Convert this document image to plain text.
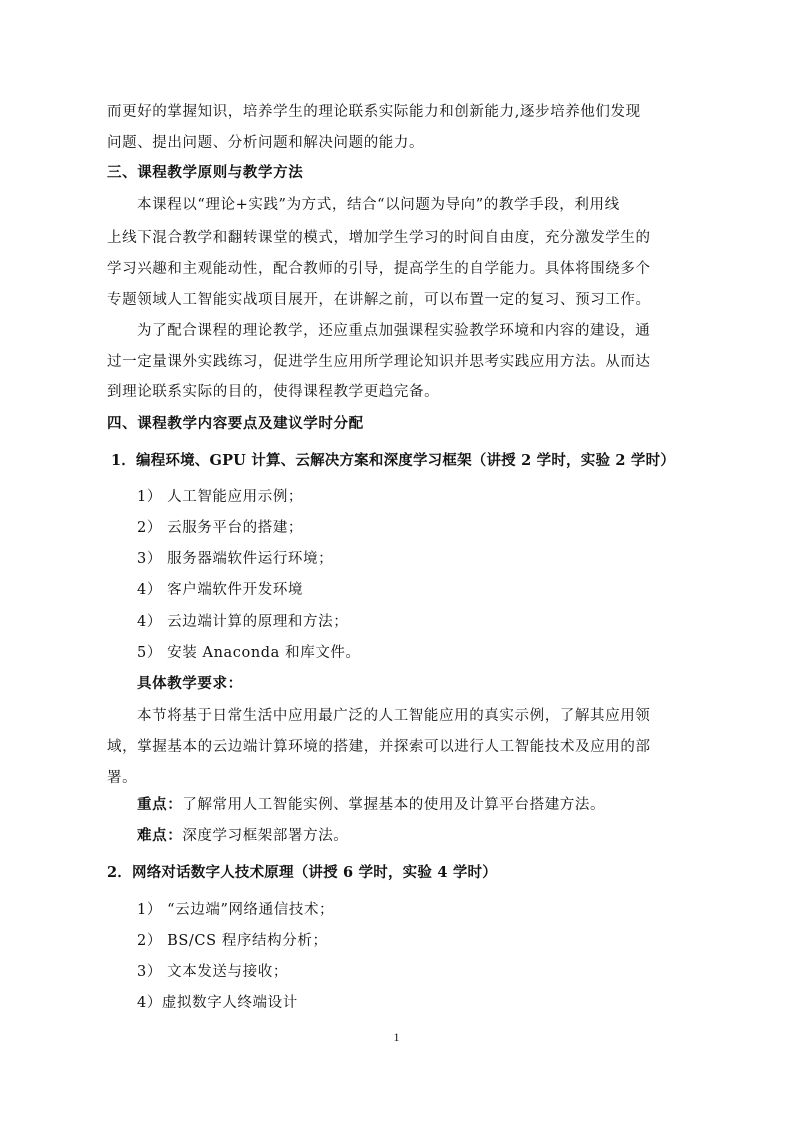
而更好的掌握知识，培养学生的理论联系实际能力和创新能力,逐步培养他们发现
问题、提出问题、分析问题和解决问题的能力。
三、课程教学原则与教学方法
本课程以“理论+实践”为方式，结合“以问题为导向”的教学手段，利用线
上线下混合教学和翻转课堂的模式，增加学生学习的时间自由度，充分激发学生的
学习兴趣和主观能动性，配合教师的引导，提高学生的自学能力。具体将围绕多个
专题领域人工智能实战项目展开，在讲解之前，可以布置一定的复习、预习工作。
为了配合课程的理论教学，还应重点加强课程实验教学环境和内容的建设，通
过一定量课外实践练习，促进学生应用所学理论知识并思考实践应用方法。从而达
到理论联系实际的目的，使得课程教学更趋完备。
四、课程教学内容要点及建议学时分配
1．编程环境、GPU 计算、云解决方案和深度学习框架（讲授 2 学时，实验 2 学时）
1） 人工智能应用示例；
2） 云服务平台的搭建；
3） 服务器端软件运行环境；
4） 客户端软件开发环境
4） 云边端计算的原理和方法；
5） 安装 Anaconda 和库文件。
具体教学要求：
本节将基于日常生活中应用最广泛的人工智能应用的真实示例，了解其应用领
域，掌握基本的云边端计算环境的搭建，并探索可以进行人工智能技术及应用的部
署。
重点：了解常用人工智能实例、掌握基本的使用及计算平台搭建方法。
难点：深度学习框架部署方法。
2．网络对话数字人技术原理（讲授 6 学时，实验 4 学时）
1） “云边端”网络通信技术；
2） BS/CS 程序结构分析；
3） 文本发送与接收；
4）虚拟数字人终端设计
1
